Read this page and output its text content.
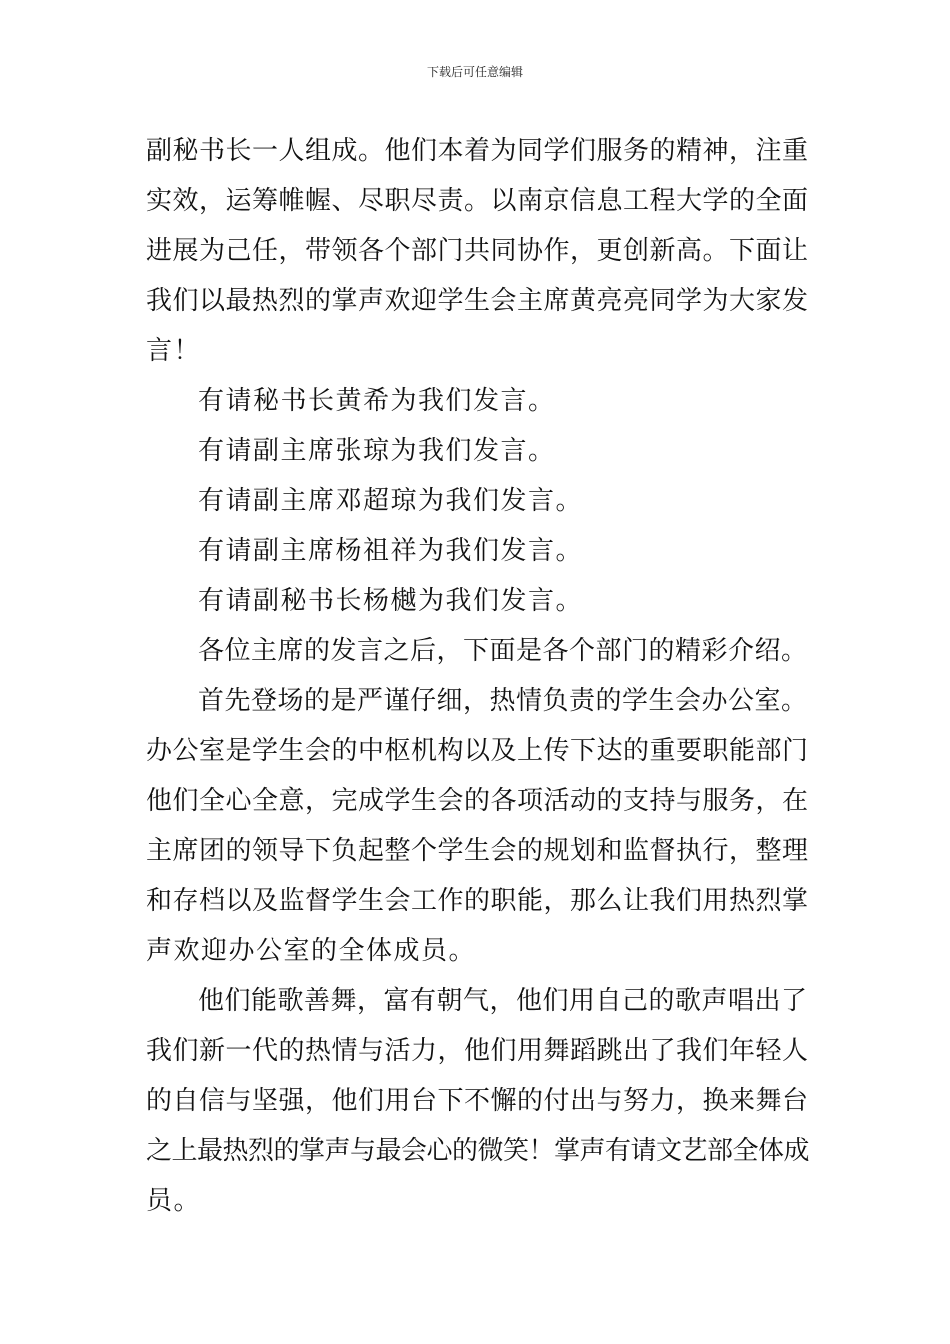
下载后可任意编辑

副秘书长一人组成。他们本着为同学们服务的精神，注重

实效，运筹帷幄、尽职尽责。以南京信息工程大学的全面

进展为己任，带领各个部门共同协作，更创新高。下面让

我们以最热烈的掌声欢迎学生会主席黄亮亮同学为大家发

言！

有请秘书长黄希为我们发言。

有请副主席张琼为我们发言。

有请副主席邓超琼为我们发言。

有请副主席杨祖祥为我们发言。

有请副秘书长杨樾为我们发言。

各位主席的发言之后，下面是各个部门的精彩介绍。

首先登场的是严谨仔细，热情负责的学生会办公室。

办公室是学生会的中枢机构以及上传下达的重要职能部门

他们全心全意，完成学生会的各项活动的支持与服务，在

主席团的领导下负起整个学生会的规划和监督执行，整理

和存档以及监督学生会工作的职能，那么让我们用热烈掌

声欢迎办公室的全体成员。

他们能歌善舞，富有朝气，他们用自己的歌声唱出了

我们新一代的热情与活力，他们用舞蹈跳出了我们年轻人

的自信与坚强，他们用台下不懈的付出与努力，换来舞台

之上最热烈的掌声与最会心的微笑！掌声有请文艺部全体成

员。
